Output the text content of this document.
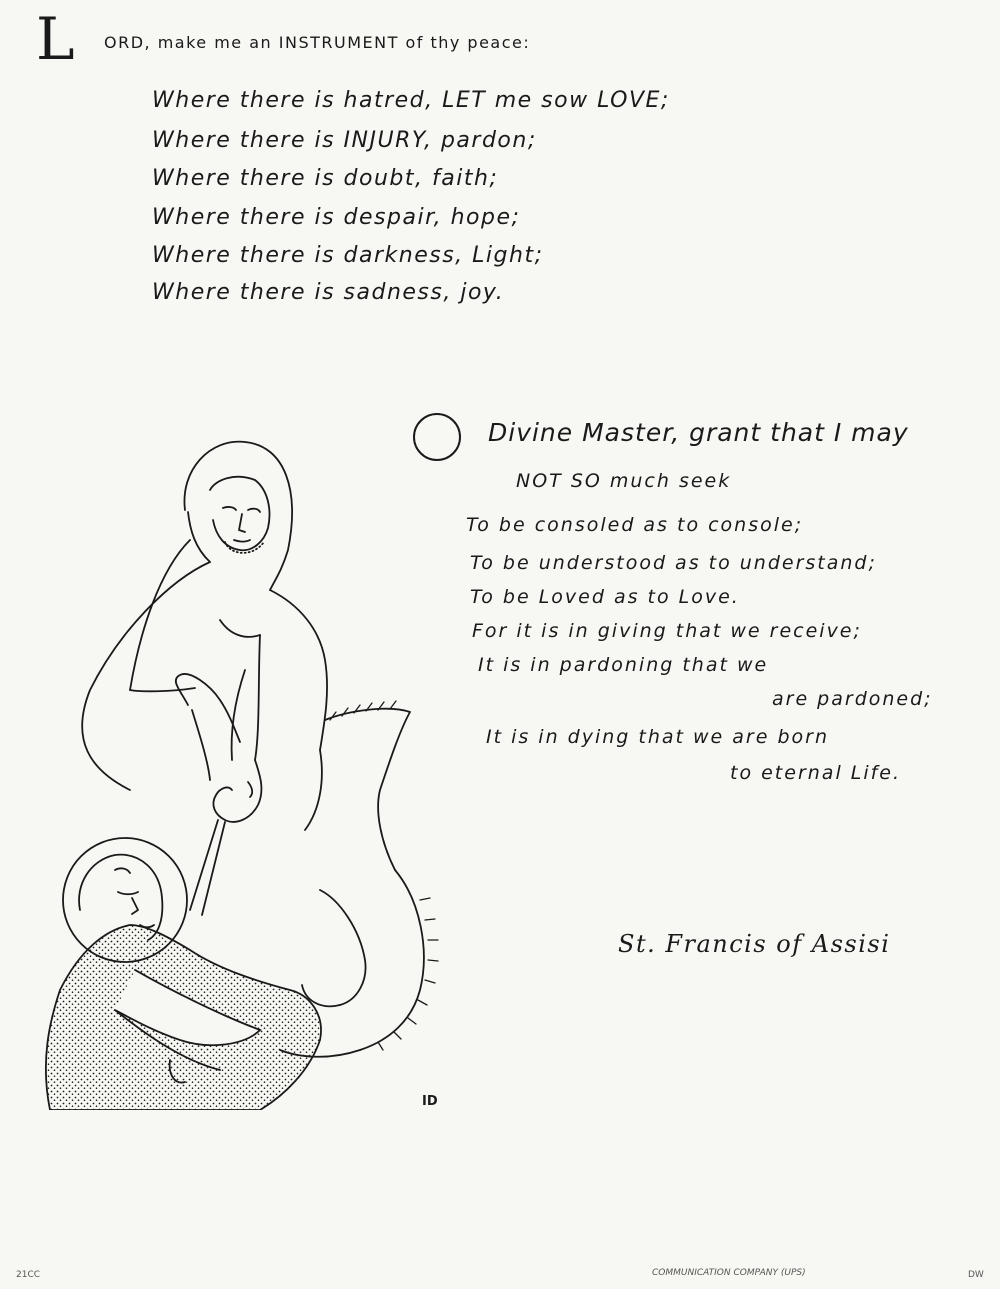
L ORD, make me an INSTRUMENT of thy peace:
Where there is hatred, LET me sow LOVE;
Where there is INJURY, pardon;
Where there is doubt, faith;
Where there is despair, hope;
Where there is darkness, Light;
Where there is sadness, joy.
Divine Master, grant that I may
NOT SO much seek
To be consoled as to console;
To be understood as to understand;
To be Loved as to Love.
For it is in giving that we receive;
It is in pardoning that we
are pardoned;
It is in dying that we are born
to eternal Life.
St. Francis of Assisi
ID
21CC	COMMUNICATION COMPANY (UPS)	DW
